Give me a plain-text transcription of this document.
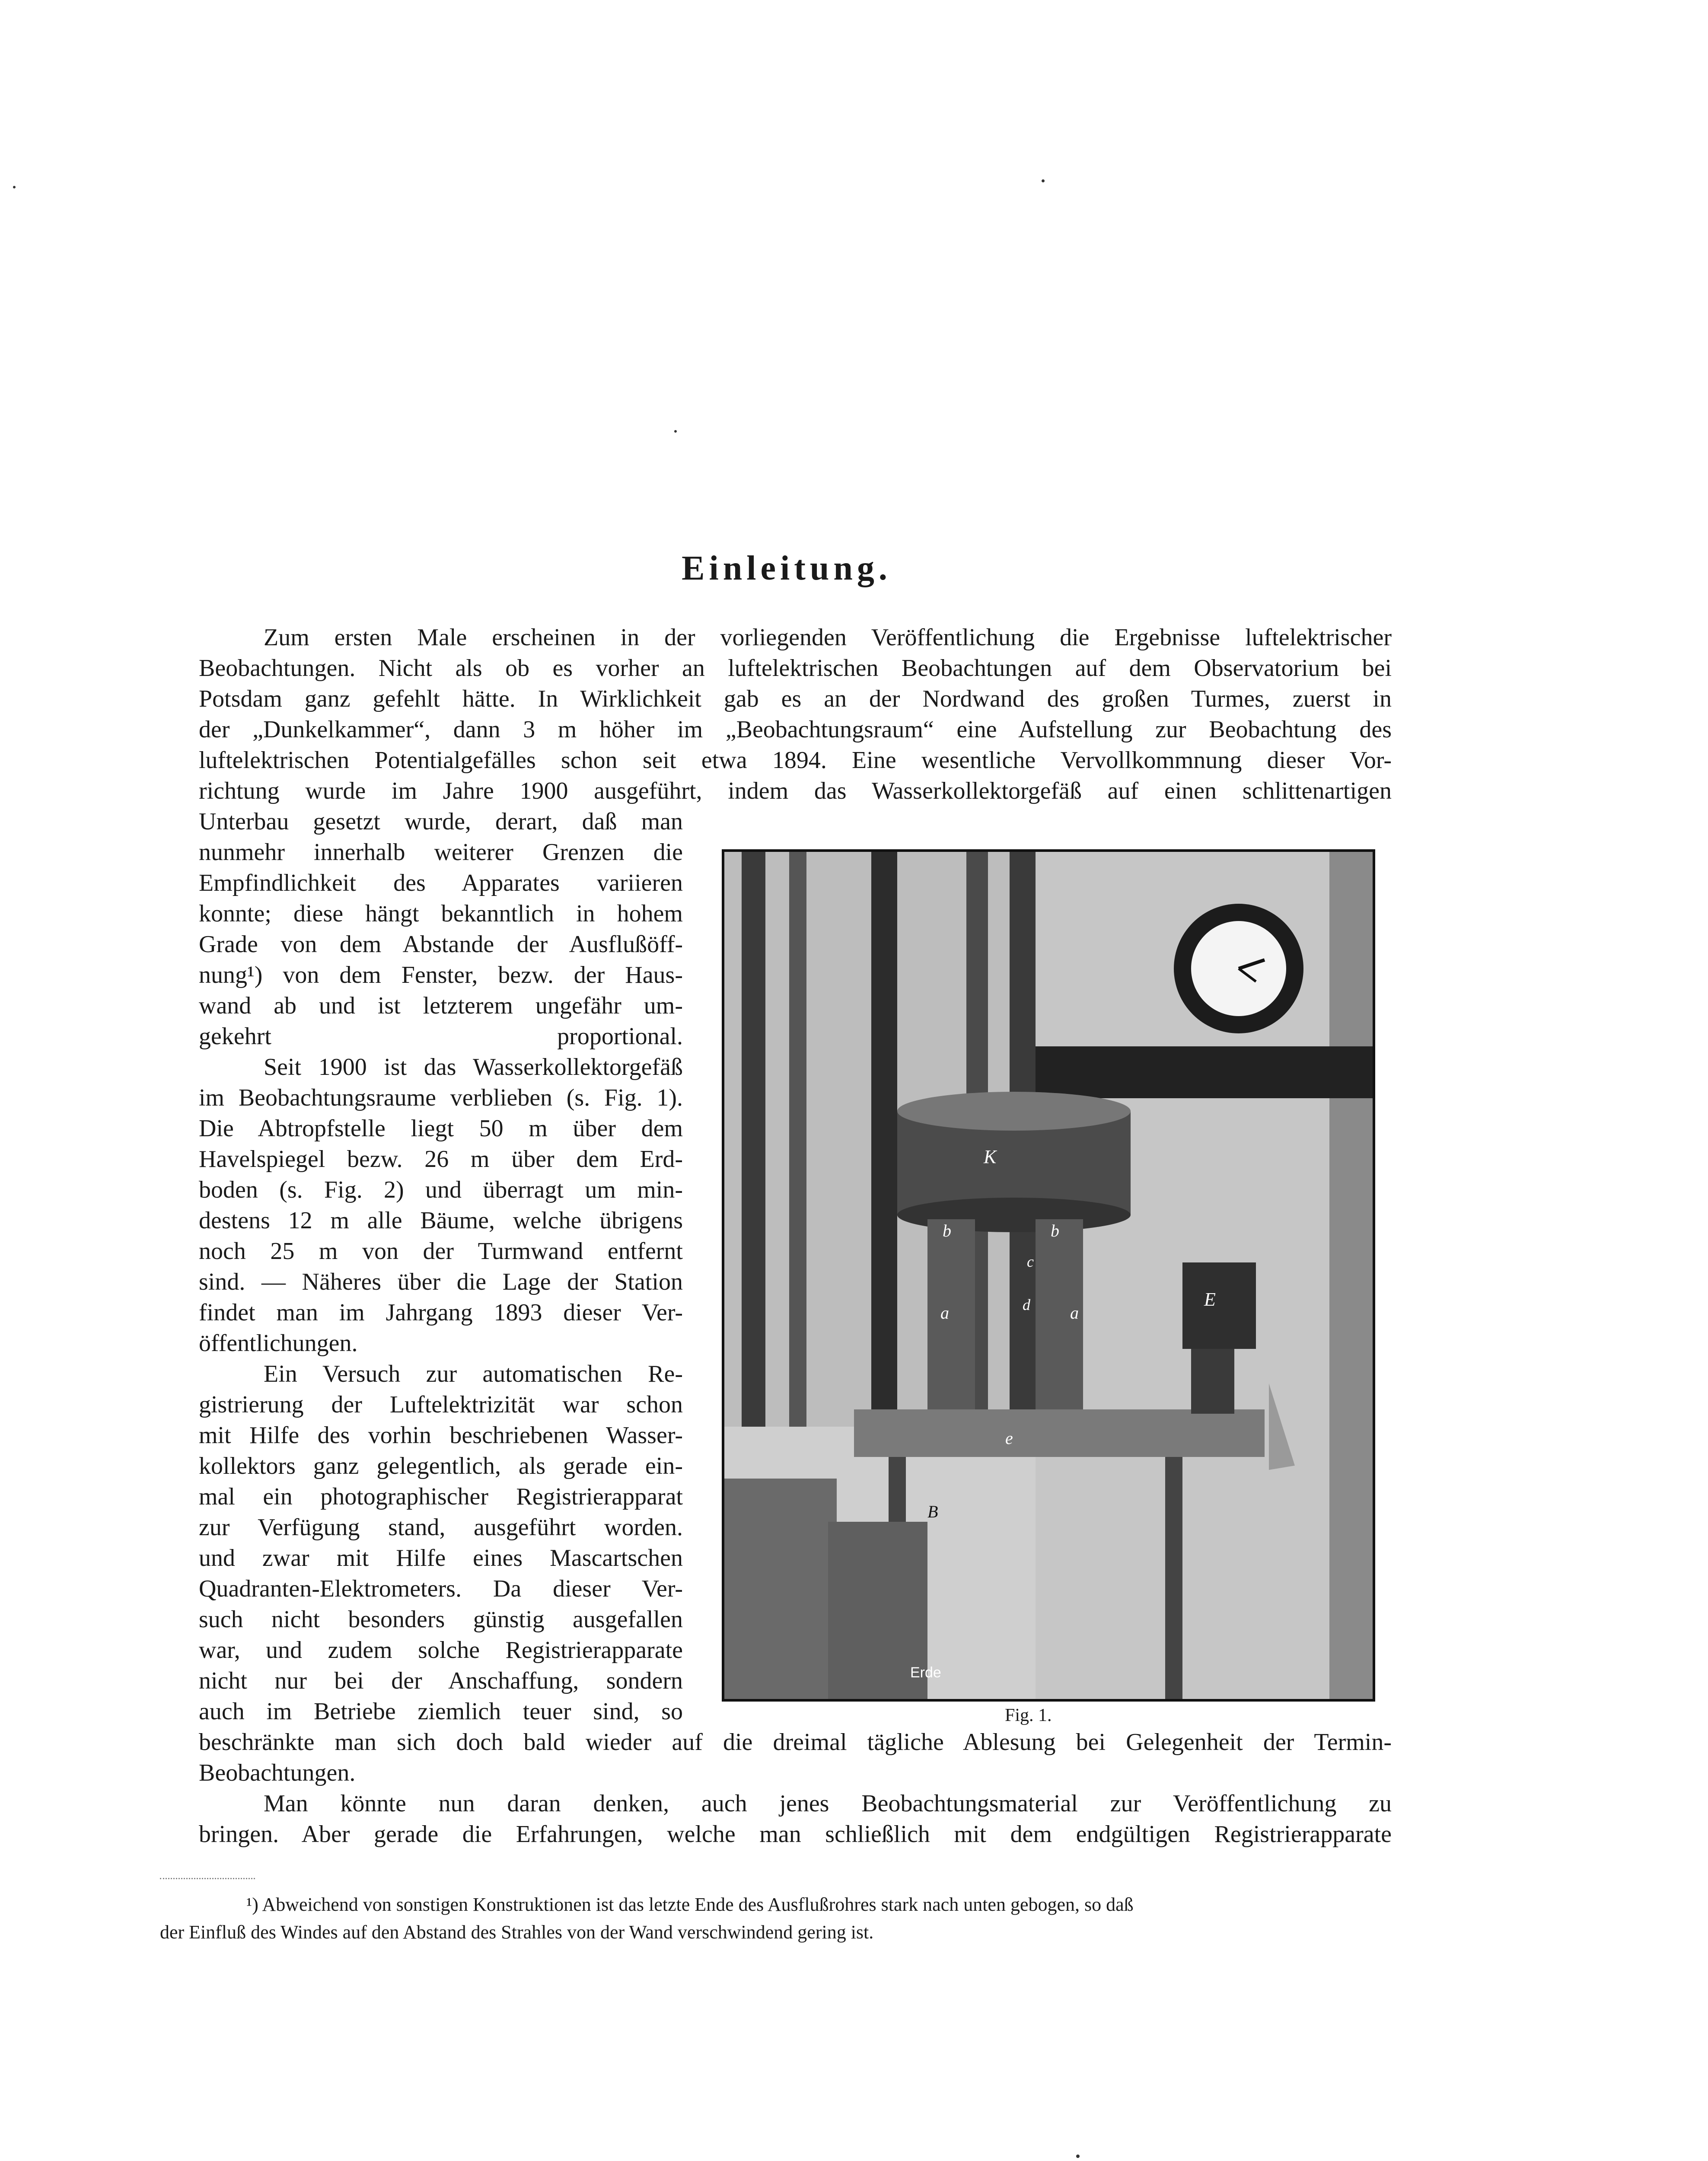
Einleitung.
Zum ersten Male erscheinen in der vorliegenden Veröffentlichung die Ergebnisse luftelektrischer
Beobachtungen. Nicht als ob es vorher an luftelektrischen Beobachtungen auf dem Observatorium bei
Potsdam ganz gefehlt hätte. In Wirklichkeit gab es an der Nordwand des großen Turmes, zuerst in
der „Dunkelkammer“, dann 3 m höher im „Beobachtungsraum“ eine Aufstellung zur Beobachtung des
luftelektrischen Potentialgefälles schon seit etwa 1894. Eine wesentliche Vervollkommnung dieser Vor-
richtung wurde im Jahre 1900 ausgeführt, indem das Wasserkollektorgefäß auf einen schlittenartigen
Unterbau gesetzt wurde, derart, daß man
nunmehr innerhalb weiterer Grenzen die
Empfindlichkeit des Apparates variieren
konnte; diese hängt bekanntlich in hohem
Grade von dem Abstande der Ausflußöff-
nung¹) von dem Fenster, bezw. der Haus-
wand ab und ist letzterem ungefähr um-
gekehrt proportional.
Seit 1900 ist das Wasserkollektorgefäß
im Beobachtungsraume verblieben (s. Fig. 1).
Die Abtropfstelle liegt 50 m über dem
Havelspiegel bezw. 26 m über dem Erd-
boden (s. Fig. 2) und überragt um min-
destens 12 m alle Bäume, welche übrigens
noch 25 m von der Turmwand entfernt
sind. — Näheres über die Lage der Station
findet man im Jahrgang 1893 dieser Ver-
öffentlichungen.
Ein Versuch zur automatischen Re-
gistrierung der Luftelektrizität war schon
mit Hilfe des vorhin beschriebenen Wasser-
kollektors ganz gelegentlich, als gerade ein-
mal ein photographischer Registrierapparat
zur Verfügung stand, ausgeführt worden.
und zwar mit Hilfe eines Mascartschen
Quadranten-Elektrometers. Da dieser Ver-
such nicht besonders günstig ausgefallen
war, und zudem solche Registrierapparate
nicht nur bei der Anschaffung, sondern
auch im Betriebe ziemlich teuer sind, so
K
b	b
a	a
c
d
e
E
B
Erde
Fig. 1.
beschränkte man sich doch bald wieder auf die dreimal tägliche Ablesung bei Gelegenheit der Termin-
Beobachtungen.
Man könnte nun daran denken, auch jenes Beobachtungsmaterial zur Veröffentlichung zu
bringen. Aber gerade die Erfahrungen, welche man schließlich mit dem endgültigen Registrierapparate
¹) Abweichend von sonstigen Konstruktionen ist das letzte Ende des Ausflußrohres stark nach unten gebogen, so daß
der Einfluß des Windes auf den Abstand des Strahles von der Wand verschwindend gering ist.
